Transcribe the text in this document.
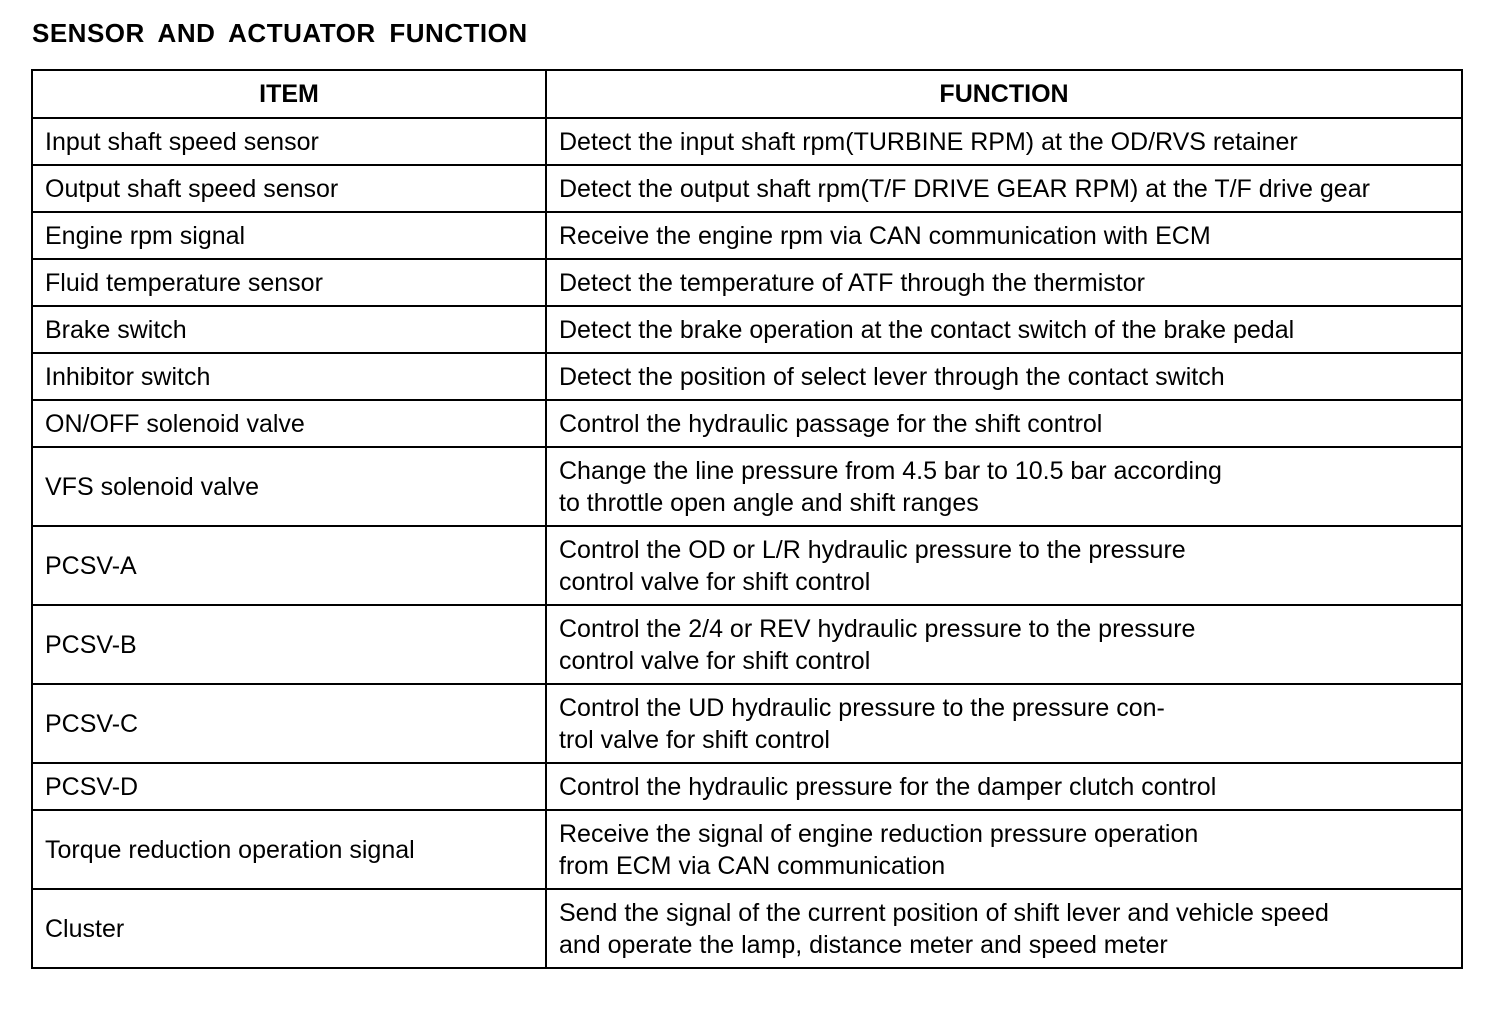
SENSOR AND ACTUATOR FUNCTION
ITEM	FUNCTION
Input shaft speed sensor	Detect the input shaft rpm(TURBINE RPM) at the OD/RVS retainer

Output shaft speed sensor	Detect the output shaft rpm(T/F DRIVE GEAR RPM) at the T/F drive gear

Engine rpm signal	Receive the engine rpm via CAN communication with ECM

Fluid temperature sensor	Detect the temperature of ATF through the thermistor

Brake switch	Detect the brake operation at the contact switch of the brake pedal

Inhibitor switch	Detect the position of select lever through the contact switch

ON/OFF solenoid valve	Control the hydraulic passage for the shift control

VFS solenoid valve	Change the line pressure from 4.5 bar to 10.5 bar according
to throttle open angle and shift ranges

PCSV-A	Control the OD or L/R hydraulic pressure to the pressure
control valve for shift control

PCSV-B	Control the 2/4 or REV hydraulic pressure to the pressure
control valve for shift control

PCSV-C	Control the UD hydraulic pressure to the pressure con-
trol valve for shift control

PCSV-D	Control the hydraulic pressure for the damper clutch control

Torque reduction operation signal	Receive the signal of engine reduction pressure operation
from ECM via CAN communication

Cluster	Send the signal of the current position of shift lever and vehicle speed
and operate the lamp, distance meter and speed meter
